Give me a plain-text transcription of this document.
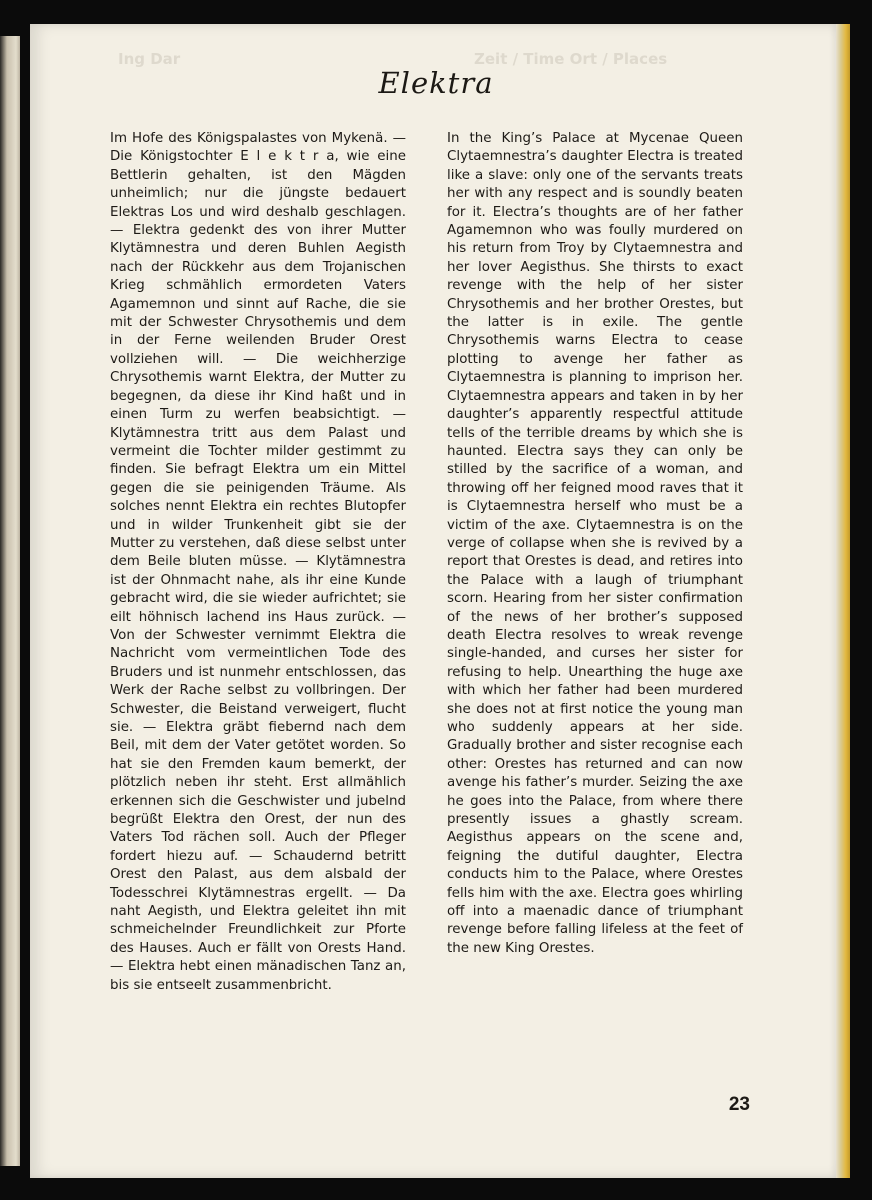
Ing Dar	Zeit / Time Ort / Places
Elektra

Im Hofe des Königspalastes von Mykenä. — Die Königstochter E l e k t r a, wie eine Bettlerin gehalten, ist den Mägden unheimlich; nur die jüngste bedauert Elektras Los und wird deshalb geschlagen. — Elektra gedenkt des von ihrer Mutter Klytämnestra und deren Buhlen Aegisth nach der Rückkehr aus dem Trojanischen Krieg schmählich ermordeten Vaters Agamemnon und sinnt auf Rache, die sie mit der Schwester Chrysothemis und dem in der Ferne weilenden Bruder Orest vollziehen will. — Die weichherzige Chrysothemis warnt Elektra, der Mutter zu begegnen, da diese ihr Kind haßt und in einen Turm zu werfen beabsichtigt. — Klytämnestra tritt aus dem Palast und vermeint die Tochter milder gestimmt zu finden. Sie befragt Elektra um ein Mittel gegen die sie peinigenden Träume. Als solches nennt Elektra ein rechtes Blutopfer und in wilder Trunkenheit gibt sie der Mutter zu verstehen, daß diese selbst unter dem Beile bluten müsse. — Klytämnestra ist der Ohnmacht nahe, als ihr eine Kunde gebracht wird, die sie wieder aufrichtet; sie eilt höhnisch lachend ins Haus zurück. — Von der Schwester vernimmt Elektra die Nachricht vom vermeintlichen Tode des Bruders und ist nunmehr entschlossen, das Werk der Rache selbst zu vollbringen. Der Schwester, die Beistand verweigert, flucht sie. — Elektra gräbt fiebernd nach dem Beil, mit dem der Vater getötet worden. So hat sie den Fremden kaum bemerkt, der plötzlich neben ihr steht. Erst allmählich erkennen sich die Geschwister und jubelnd begrüßt Elektra den Orest, der nun des Vaters Tod rächen soll. Auch der Pfleger fordert hiezu auf. — Schaudernd betritt Orest den Palast, aus dem alsbald der Todesschrei Klytämnestras ergellt. — Da naht Aegisth, und Elektra geleitet ihn mit schmeichelnder Freundlichkeit zur Pforte des Hauses. Auch er fällt von Orests Hand. — Elektra hebt einen mänadischen Tanz an, bis sie entseelt zusammenbricht.

In the King’s Palace at Mycenae Queen Clytaemnestra’s daughter Electra is treated like a slave: only one of the servants treats her with any respect and is soundly beaten for it. Electra’s thoughts are of her father Agamemnon who was foully murdered on his return from Troy by Clytaemnestra and her lover Aegisthus. She thirsts to exact revenge with the help of her sister Chrysothemis and her brother Orestes, but the latter is in exile. The gentle Chrysothemis warns Electra to cease plotting to avenge her father as Clytaemnestra is planning to imprison her. Clytaemnestra appears and taken in by her daughter’s apparently respectful attitude tells of the terrible dreams by which she is haunted. Electra says they can only be stilled by the sacrifice of a woman, and throwing off her feigned mood raves that it is Clytaemnestra herself who must be a victim of the axe. Clytaemnestra is on the verge of collapse when she is revived by a report that Orestes is dead, and retires into the Palace with a laugh of triumphant scorn. Hearing from her sister confirmation of the news of her brother’s supposed death Electra resolves to wreak revenge single-handed, and curses her sister for refusing to help. Unearthing the huge axe with which her father had been murdered she does not at first notice the young man who suddenly appears at her side. Gradually brother and sister recognise each other: Orestes has returned and can now avenge his father’s murder. Seizing the axe he goes into the Palace, from where there presently issues a ghastly scream. Aegisthus appears on the scene and, feigning the dutiful daughter, Electra conducts him to the Palace, where Orestes fells him with the axe. Electra goes whirling off into a maenadic dance of triumphant revenge before falling lifeless at the feet of the new King Orestes.

23
